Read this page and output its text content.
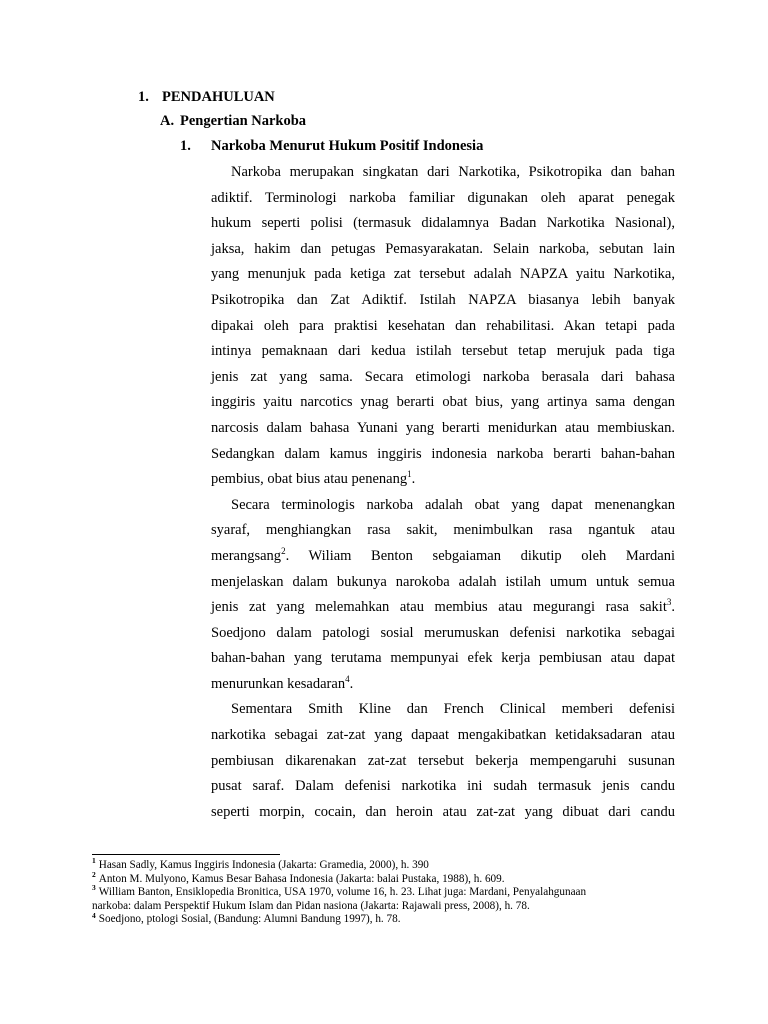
1. PENDAHULUAN
A. Pengertian Narkoba
1. Narkoba Menurut Hukum Positif Indonesia
Narkoba merupakan singkatan dari Narkotika, Psikotropika dan bahan
adiktif. Terminologi narkoba familiar digunakan oleh aparat penegak
hukum seperti polisi (termasuk didalamnya Badan Narkotika Nasional),
jaksa, hakim dan petugas Pemasyarakatan. Selain narkoba, sebutan lain
yang menunjuk pada ketiga zat tersebut adalah NAPZA yaitu Narkotika,
Psikotropika dan Zat Adiktif. Istilah NAPZA biasanya lebih banyak
dipakai oleh para praktisi kesehatan dan rehabilitasi. Akan tetapi pada
intinya pemaknaan dari kedua istilah tersebut tetap merujuk pada tiga
jenis zat yang sama. Secara etimologi narkoba berasala dari bahasa
inggiris yaitu narcotics ynag berarti obat bius, yang artinya sama dengan
narcosis dalam bahasa Yunani yang berarti menidurkan atau membiuskan.
Sedangkan dalam kamus inggiris indonesia narkoba berarti bahan-bahan
pembius, obat bius atau penenang$^1$.
Secara terminologis narkoba adalah obat yang dapat menenangkan
syaraf, menghiangkan rasa sakit, menimbulkan rasa ngantuk atau
merangsang$^2$. Wiliam Benton sebgaiaman dikutip oleh Mardani
menjelaskan dalam bukunya narokoba adalah istilah umum untuk semua
jenis zat yang melemahkan atau membius atau megurangi rasa sakit$^3$.
Soedjono dalam patologi sosial merumuskan defenisi narkotika sebagai
bahan-bahan yang terutama mempunyai efek kerja pembiusan atau dapat
menurunkan kesadaran$^4$.
Sementara Smith Kline dan French Clinical memberi defenisi
narkotika sebagai zat-zat yang dapaat mengakibatkan ketidaksadaran atau
pembiusan dikarenakan zat-zat tersebut bekerja mempengaruhi susunan
pusat saraf. Dalam defenisi narkotika ini sudah termasuk jenis candu
seperti morpin, cocain, dan heroin atau zat-zat yang dibuat dari candu
$^1$ Hasan Sadly, Kamus Inggiris Indonesia (Jakarta: Gramedia, 2000), h. 390
$^2$ Anton M. Mulyono, Kamus Besar Bahasa Indonesia (Jakarta: balai Pustaka, 1988), h. 609.
$^3$ William Banton, Ensiklopedia Bronitica, USA 1970, volume 16, h. 23. Lihat juga: Mardani, Penyalahgunaan
narkoba: dalam Perspektif Hukum Islam dan Pidan nasiona (Jakarta: Rajawali press, 2008), h. 78.
$^4$ Soedjono, ptologi Sosial, (Bandung: Alumni Bandung 1997), h. 78.
